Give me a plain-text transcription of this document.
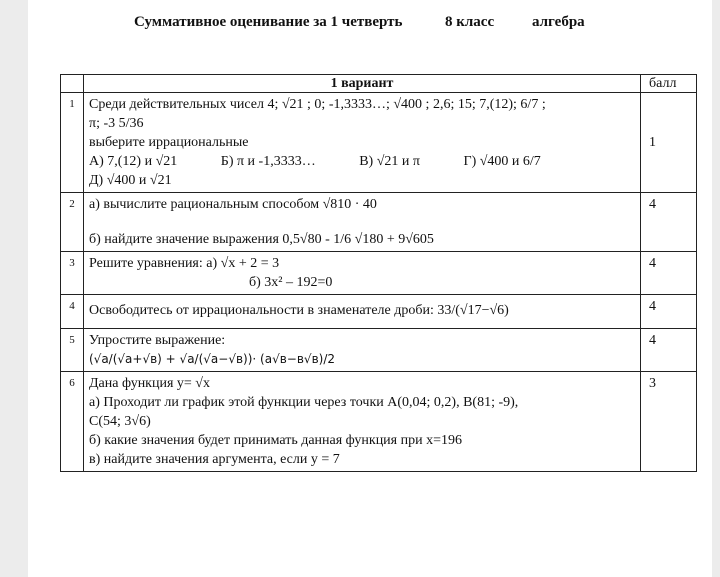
Суммативное оценивание за 1 четверть	8 класс	алгебра
	1 вариант	балл
1	Среди действительных чисел 4; √21 ; 0; -1,3333…; √400 ; 2,6; 15; 7,(12); 6/7 ;
π; -3 5/36
выберите иррациональные
А) 7,(12) и √21 Б) π и -1,3333… В) √21 и π Г) √400 и 6/7
Д) √400 и √21	1
2	а) вычислите рациональным способом √810 · 40
б) найдите значение выражения 0,5√80 - 1/6 √180 + 9√605	4
3	Решите уравнения: а) √x + 2 = 3
б) 3x² – 192=0	4
4	Освободитесь от иррациональности в знаменателе дроби: 33/(√17−√6)	4
5	Упростите выражение:
(√a/(√a+√в) + √a/(√a−√в))· (a√в−в√в)/2	4
6	Дана функция у= √x
а) Проходит ли график этой функции через точки А(0,04; 0,2), В(81; -9),
С(54; 3√6)
б) какие значения будет принимать данная функция при х=196
в) найдите значения аргумента, если у = 7	3
